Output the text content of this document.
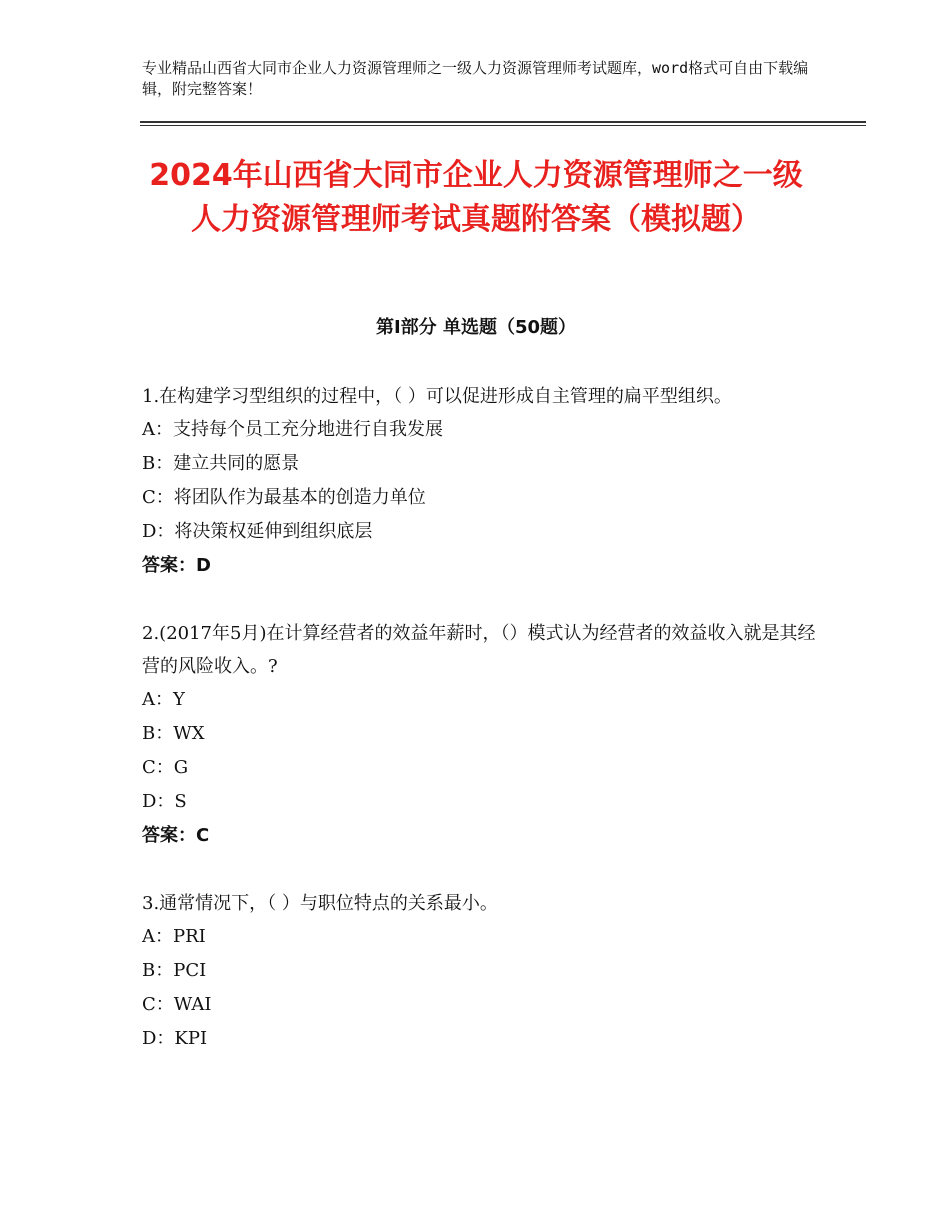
专业精品山西省大同市企业人力资源管理师之一级人力资源管理师考试题库，word格式可自由下载编辑，附完整答案！
2024年山西省大同市企业人力资源管理师之一级人力资源管理师考试真题附答案（模拟题）
第Ⅰ部分 单选题（50题）

1.在构建学习型组织的过程中，（ ）可以促进形成自主管理的扁平型组织。

A：支持每个员工充分地进行自我发展

B：建立共同的愿景

C：将团队作为最基本的创造力单位

D：将决策权延伸到组织底层

答案：D

2.(2017年5月)在计算经营者的效益年薪时，（）模式认为经营者的效益收入就是其经营的风险收入。?

A：Y

B：WX

C：G

D：S

答案：C

3.通常情况下，（ ）与职位特点的关系最小。

A：PRI

B：PCI

C：WAI

D：KPI
